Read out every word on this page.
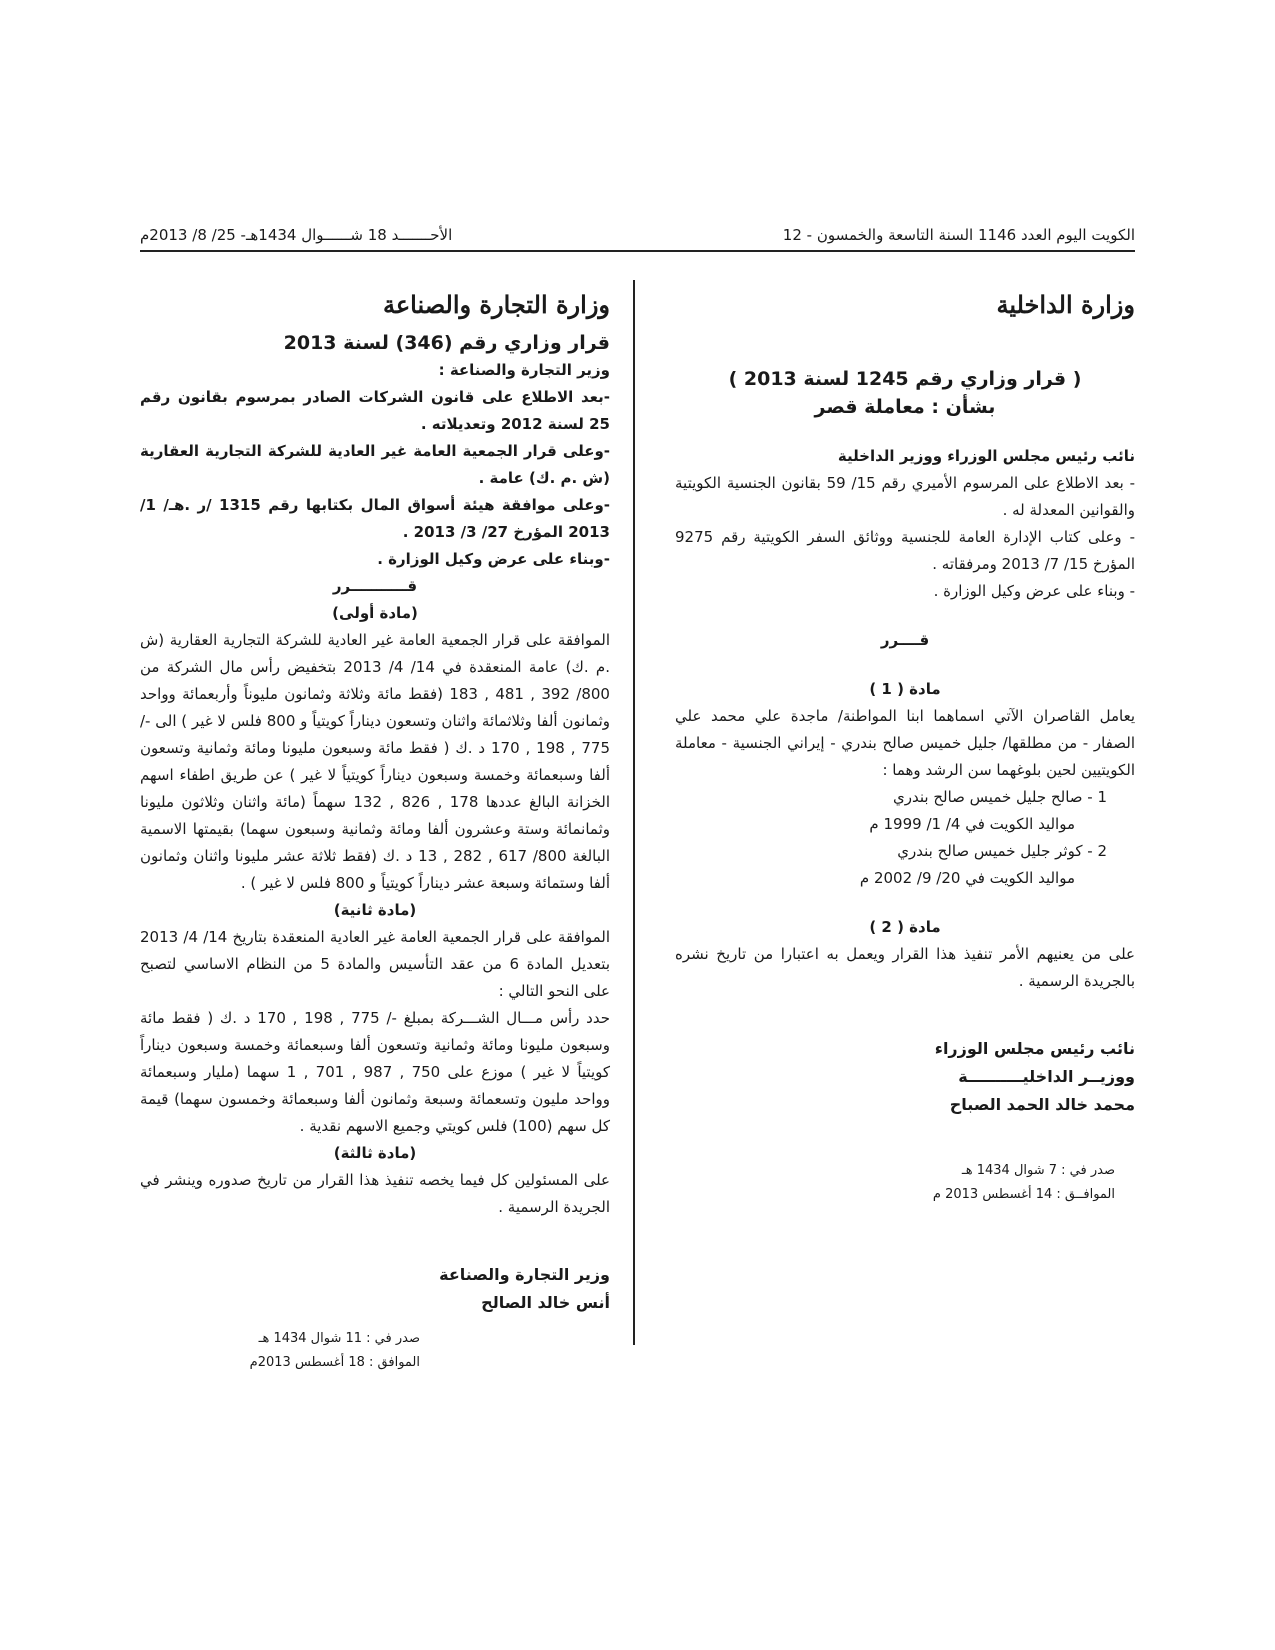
الكويت اليوم العدد 1146 السنة التاسعة والخمسون - 12
الأحـــــــد 18 شــــــوال 1434هـ- 25/ 8/ 2013م
وزارة الداخلية

( قرار وزاري رقم 1245 لسنة 2013 )

بشأن : معاملة قصر

نائب رئيس مجلس الوزراء ووزير الداخلية

- بعد الاطلاع على المرسوم الأميري رقم 15/ 59 بقانون الجنسية الكويتية والقوانين المعدلة له .

- وعلى كتاب الإدارة العامة للجنسية ووثائق السفر الكويتية رقم 9275 المؤرخ 15/ 7/ 2013 ومرفقاته .

- وبناء على عرض وكيل الوزارة .

قــــرر

مادة ( 1 )

يعامل القاصران الآتي اسماهما ابنا المواطنة/ ماجدة علي محمد علي الصفار - من مطلقها/ جليل خميس صالح بندري - إيراني الجنسية - معاملة الكويتيين لحين بلوغهما سن الرشد وهما :

1 - صالح جليل خميس صالح بندري

مواليد الكويت في 4/ 1/ 1999 م

2 - كوثر جليل خميس صالح بندري

مواليد الكويت في 20/ 9/ 2002 م

مادة ( 2 )

على من يعنيهم الأمر تنفيذ هذا القرار ويعمل به اعتبارا من تاريخ نشره بالجريدة الرسمية .

نائب رئيس مجلس الوزراء

ووزيــر الداخليــــــــــة

محمد خالد الحمد الصباح

صدر في : 7 شوال 1434 هـ

الموافــق : 14 أغسطس 2013 م

وزارة التجارة والصناعة

قرار وزاري رقم (346) لسنة 2013

وزير التجارة والصناعة :

-بعد الاطلاع على قانون الشركات الصادر بمرسوم بقانون رقم 25 لسنة 2012 وتعديلاته .

-وعلى قرار الجمعية العامة غير العادية للشركة التجارية العقارية (ش .م .ك) عامة .

-وعلى موافقة هيئة أسواق المال بكتابها رقم 1315 /ر .هـ/ 1/ 2013 المؤرخ 27/ 3/ 2013 .

-وبناء على عرض وكيل الوزارة .

قـــــــــــرر

(مادة أولى)

الموافقة على قرار الجمعية العامة غير العادية للشركة التجارية العقارية (ش .م .ك) عامة المنعقدة في 14/ 4/ 2013 بتخفيض رأس مال الشركة من 800/ 392 , 481 , 183 (فقط مائة وثلاثة وثمانون مليوناً وأربعمائة وواحد وثمانون ألفا وثلاثمائة واثنان وتسعون ديناراً كويتياً و 800 فلس لا غير ) الى -/ 775 , 198 , 170 د .ك ( فقط مائة وسبعون مليونا ومائة وثمانية وتسعون ألفا وسبعمائة وخمسة وسبعون ديناراً كويتياً لا غير ) عن طريق اطفاء اسهم الخزانة البالغ عددها 178 , 826 , 132 سهماً (مائة واثنان وثلاثون مليونا وثمانمائة وستة وعشرون ألفا ومائة وثمانية وسبعون سهما) بقيمتها الاسمية البالغة 800/ 617 , 282 , 13 د .ك (فقط ثلاثة عشر مليونا واثنان وثمانون ألفا وستمائة وسبعة عشر ديناراً كويتياً و 800 فلس لا غير ) .

(مادة ثانية)

الموافقة على قرار الجمعية العامة غير العادية المنعقدة بتاريخ 14/ 4/ 2013 بتعديل المادة 6 من عقد التأسيس والمادة 5 من النظام الاساسي لتصبح على النحو التالي :

حدد رأس مـــال الشـــركة بمبلغ -/ 775 , 198 , 170 د .ك ( فقط مائة وسبعون مليونا ومائة وثمانية وتسعون ألفا وسبعمائة وخمسة وسبعون ديناراً كويتياً لا غير ) موزع على 750 , 987 , 701 , 1 سهما (مليار وسبعمائة وواحد مليون وتسعمائة وسبعة وثمانون ألفا وسبعمائة وخمسون سهما) قيمة كل سهم (100) فلس كويتي وجميع الاسهم نقدية .

(مادة ثالثة)

على المسئولين كل فيما يخصه تنفيذ هذا القرار من تاريخ صدوره وينشر في الجريدة الرسمية .

وزير التجارة والصناعة

أنس خالد الصالح

صدر في : 11 شوال 1434 هـ

الموافق : 18 أغسطس 2013م
